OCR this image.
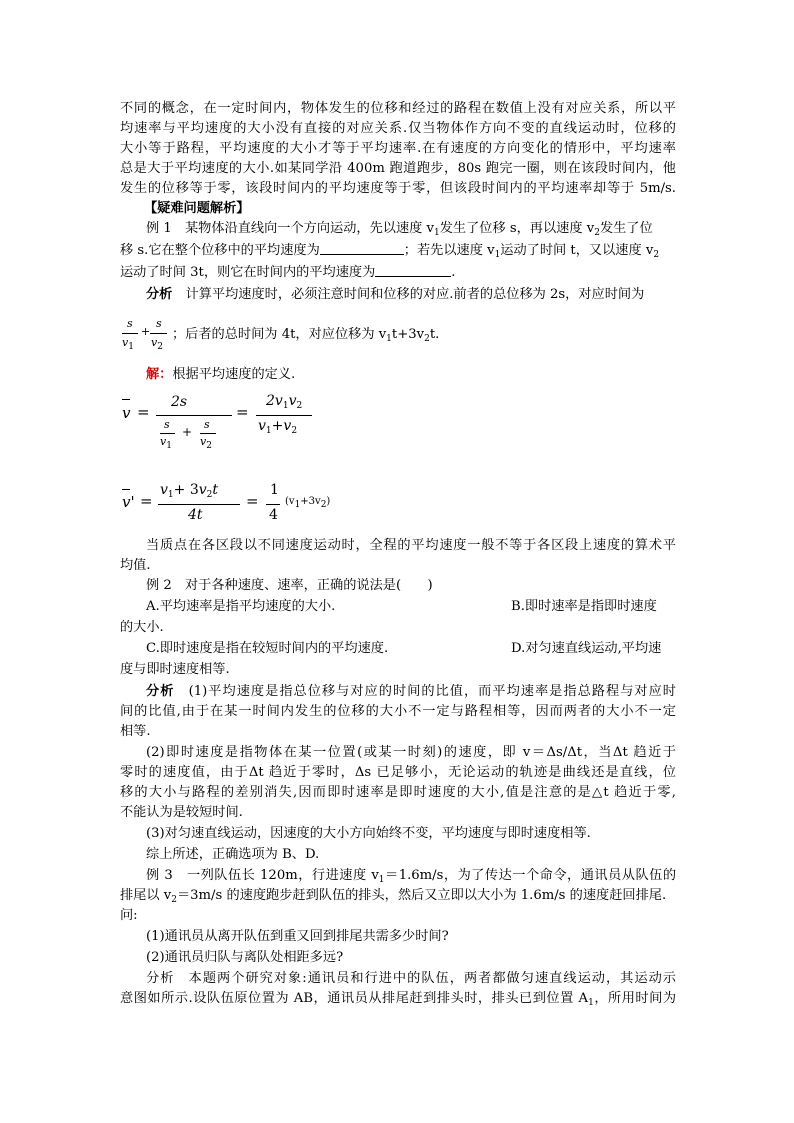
不同的概念，在一定时间内，物体发生的位移和经过的路程在数值上没有对应关系，所以平
均速率与平均速度的大小没有直接的对应关系.仅当物体作方向不变的直线运动时，位移的
大小等于路程，平均速度的大小才等于平均速率.在有速度的方向变化的情形中，平均速率
总是大于平均速度的大小.如某同学沿 400m 跑道跑步，80s 跑完一圈，则在该段时间内，他
发生的位移等于零，该段时间内的平均速度等于零，但该段时间内的平均速率却等于 5m/s.
【疑难问题解析】
例 1　某物体沿直线向一个方向运动，先以速度 $v_1$发生了位移 s，再以速度 $v_2$发生了位
移 s.它在整个位移中的平均速度为	；若先以速度 $v_1$运动了时间 t，又以速度 $v_2$
运动了时间 3t，则它在时间内的平均速度为	.
分析　计算平均速度时，必须注意时间和位移的对应.前者的总位移为 2s，对应时间为
s
$v_1$
+
s
$v_2$
；后者的总时间为 4t，对应位移为 $v_1t+3v_2t$.
解：根据平均速度的定义.
v =
2s
s
$v_1$
+
s
$v_2$
=
$2v_1v_2$
$v_1+v_2$
v' =
$v_1+ 3v_2t$
4t
=
1
4
$(v_1+3v_2)$
当质点在各区段以不同速度运动时，全程的平均速度一般不等于各区段上速度的算术平
均值.
例 2　对于各种速度、速率，正确的说法是(　　)
A.平均速率是指平均速度的大小.	B.即时速率是指即时速度
的大小.
C.即时速度是指在较短时间内的平均速度.	D.对匀速直线运动,平均速
度与即时速度相等.
分析　(1)平均速度是指总位移与对应的时间的比值，而平均速率是指总路程与对应时
间的比值,由于在某一时间内发生的位移的大小不一定与路程相等，因而两者的大小不一定
相等.
(2)即时速度是指物体在某一位置(或某一时刻)的速度，即 v＝Δs/Δt，当Δt 趋近于
零时的速度值，由于Δt 趋近于零时，Δs 已足够小，无论运动的轨迹是曲线还是直线，位
移的大小与路程的差别消失,因而即时速率是即时速度的大小,值是注意的是△t 趋近于零,
不能认为是较短时间.
(3)对匀速直线运动，因速度的大小方向始终不变，平均速度与即时速度相等.
综上所述，正确选项为 B、D.
例 3　一列队伍长 120m，行进速度 $v_1=1.6m/s$，为了传达一个命令，通讯员从队伍的
排尾以 $v_2=3m/s$ 的速度跑步赶到队伍的排头，然后又立即以大小为 1.6m/s 的速度赶回排尾.
问:
(1)通讯员从离开队伍到重又回到排尾共需多少时间?
(2)通讯员归队与离队处相距多远?
分析　本题两个研究对象:通讯员和行进中的队伍，两者都做匀速直线运动，其运动示
意图如所示.设队伍原位置为 AB，通讯员从排尾赶到排头时，排头已到位置 $A_1$，所用时间为
